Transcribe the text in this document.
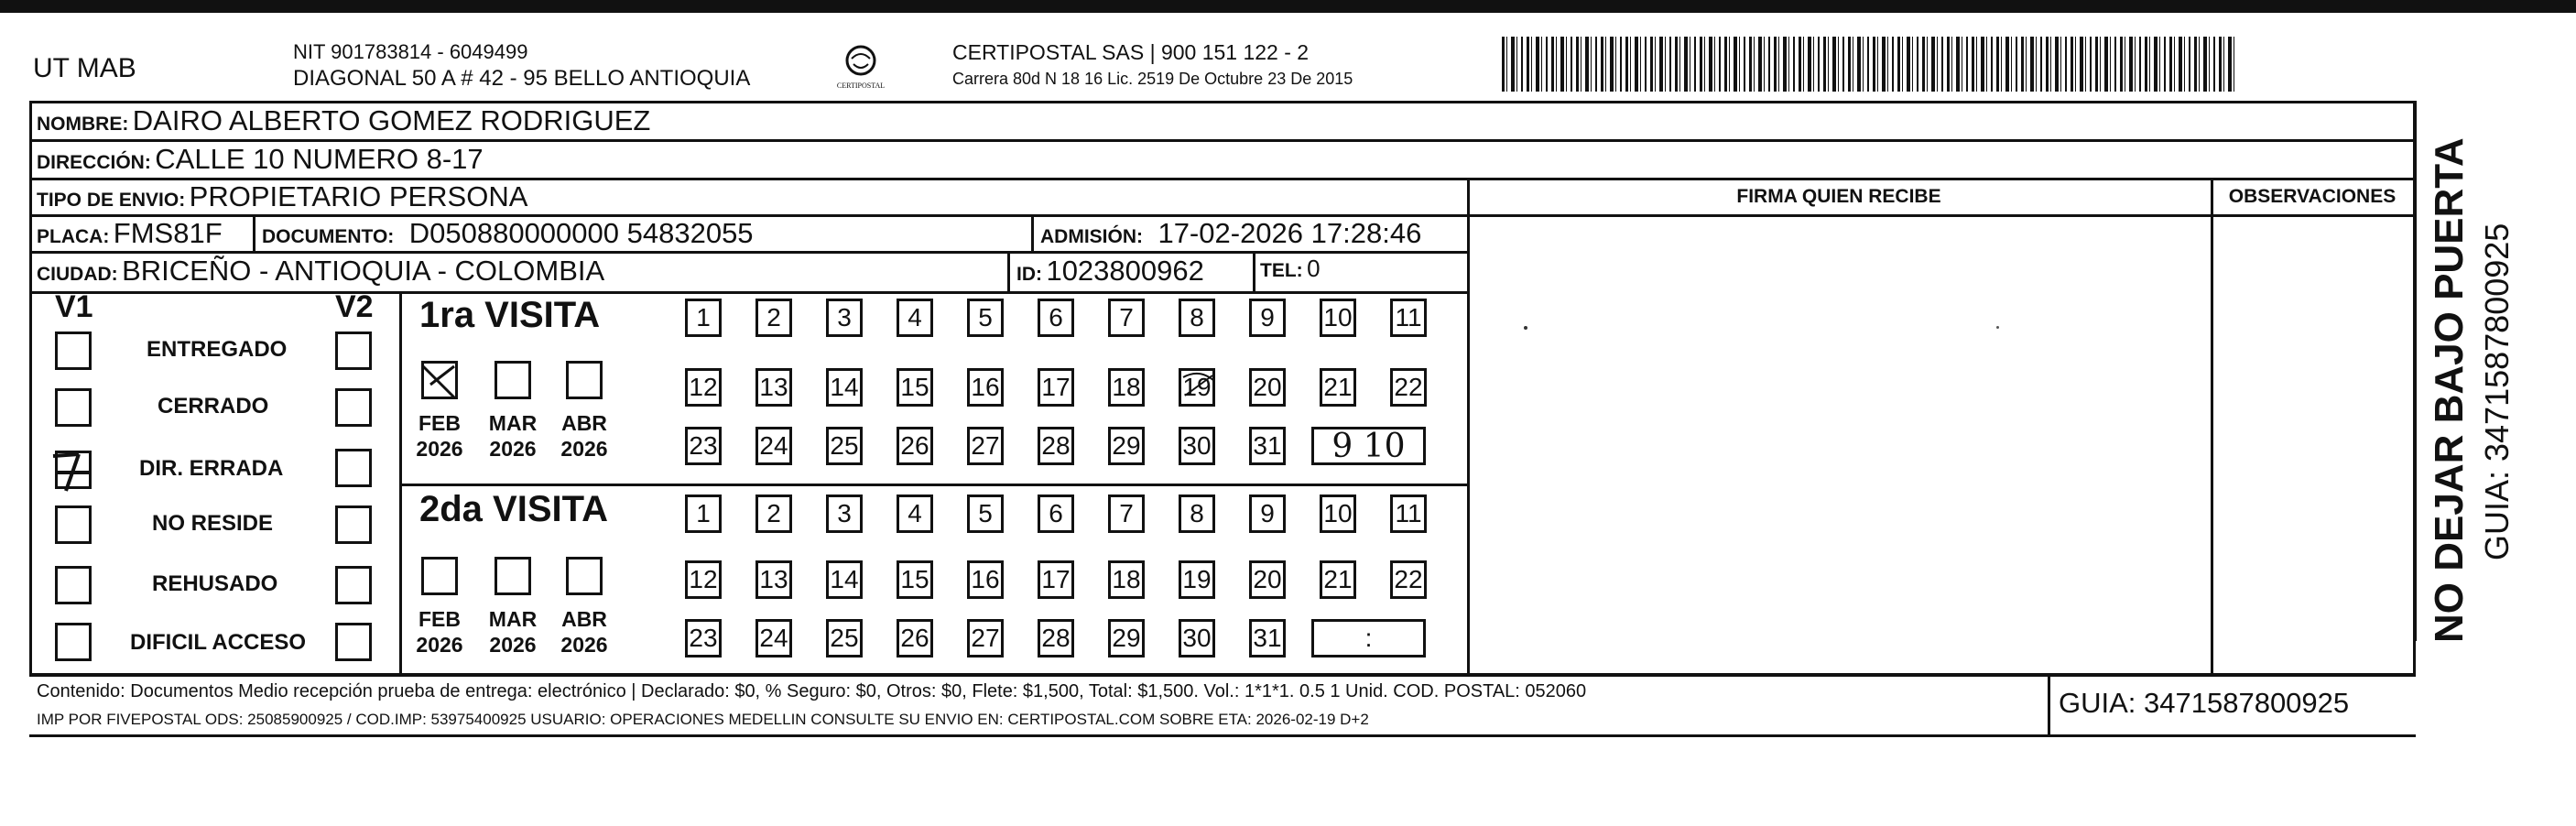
UT MAB
NIT 901783814 - 6049499
DIAGONAL 50 A # 42 - 95 BELLO ANTIOQUIA	CERTIPOSTAL
CERTIPOSTAL SAS | 900 151 122 - 2
Carrera 80d N 18 16 Lic. 2519 De Octubre 23 De 2015
NOMBRE: DAIRO ALBERTO GOMEZ RODRIGUEZ
DIRECCIÓN: CALLE 10 NUMERO 8-17
TIPO DE ENVIO: PROPIETARIO PERSONA	FIRMA QUIEN RECIBE	OBSERVACIONES
PLACA: FMS81F DOCUMENTO: D050880000000 54832055	ADMISIÓN: 17-02-2026 17:28:46
CIUDAD: BRICEÑO - ANTIOQUIA - COLOMBIA	ID: 1023800962	TEL: 0
V1	V2
ENTREGADO
CERRADO
DIR. ERRADA
NO RESIDE
REHUSADO
DIFICIL ACCESO
1ra VISITA
FEB
2026
MAR
2026
ABR
2026
2da VISITA
FEB
2026
MAR
2026
ABR
2026
1	2	3	4	5	6	7	8	9	10 11
12 13 14 15 16 17 18 19 20 21 22
23 24 25 26 27 28 29 30 31	9 10
1	2	3	4	5	6	7	8	9	10 11
12 13 14 15 16 17 18 19 20 21 22
23 24 25 26 27 28 29 30 31	:
Contenido: Documentos Medio recepción prueba de entrega: electrónico | Declarado: $0, % Seguro: $0, Otros: $0, Flete: $1,500, Total: $1,500. Vol.: 1*1*1. 0.5 1 Unid. COD. POSTAL: 052060
IMP POR FIVEPOSTAL ODS: 25085900925 / COD.IMP: 53975400925 USUARIO: OPERACIONES MEDELLIN CONSULTE SU ENVIO EN: CERTIPOSTAL.COM SOBRE ETA: 2026-02-19 D+2
GUIA: 3471587800925
NO DEJAR BAJO PUERTA GUIA: 3471587800925
